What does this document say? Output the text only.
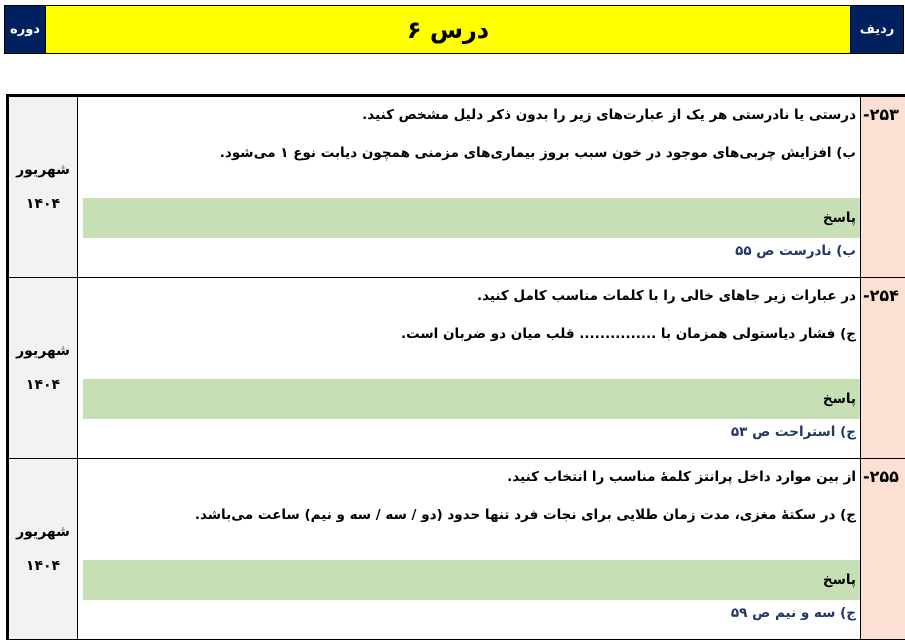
دوره	درس ۶	ردیف
شهریور
۱۴۰۴
درستی یا نادرستی هر یک از عبارت‌های زیر را بدون ذکر دلیل مشخص کنید.
ب) افزایش چربی‌های موجود در خون سبب بروز بیماری‌های مزمنی همچون دیابت نوع ۱ می‌شود.
پاسخ
ب) نادرست ص ۵۵
-۲۵۳
شهریور
۱۴۰۴
در عبارات زیر جاهای خالی را با کلمات مناسب کامل کنید.
ج) فشار دیاستولی همزمان با ............... قلب میان دو ضربان است.
پاسخ
ج) استراحت ص ۵۳
-۲۵۴
شهریور
۱۴۰۴
از بین موارد داخل پرانتز کلمهٔ مناسب را انتخاب کنید.
ج) در سکتهٔ مغزی، مدت زمان طلایی برای نجات فرد تنها حدود (دو / سه / سه و نیم) ساعت می‌باشد.
پاسخ
ج) سه و نیم ص ۵۹
-۲۵۵
